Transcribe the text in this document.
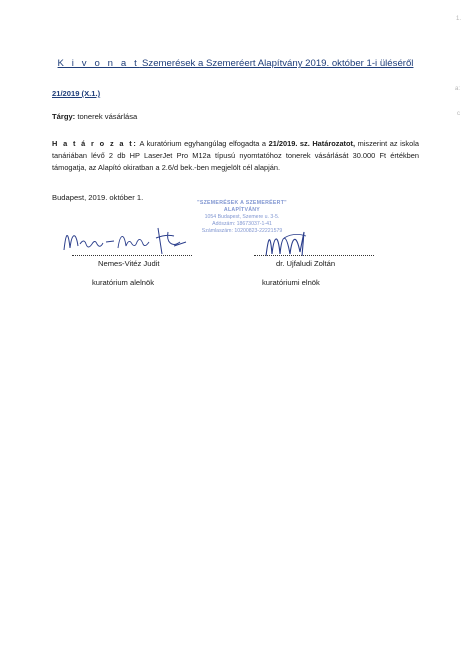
K i v o n a t Szemerések a Szemeréert Alapítvány 2019. október 1-i üléséről
21/2019 (X.1.)
Tárgy: tonerek vásárlása
H a t á r o z a t: A kuratórium egyhangúlag elfogadta a 21/2019. sz. Határozatot, miszerint az iskola tanáriában lévő 2 db HP LaserJet Pro M12a típusú nyomtatóhoz tonerek vásárlását 30.000 Ft értékben támogatja, az Alapító okiratban a 2.6/d bek.-ben megjelölt cél alapján.
Budapest, 2019. október 1.
"SZEMERÉSEK A SZEMERÉERT"
ALAPÍTVÁNY
1054 Budapest, Szemere u. 3-5.
Adószám: 18673037-1-41
Számlaszám: 10200823-22221579
Nemes-Vitéz Judit
kuratórium alelnök
dr. Ujfaludi Zoltán
kuratóriumi elnök
1.
a:
c
